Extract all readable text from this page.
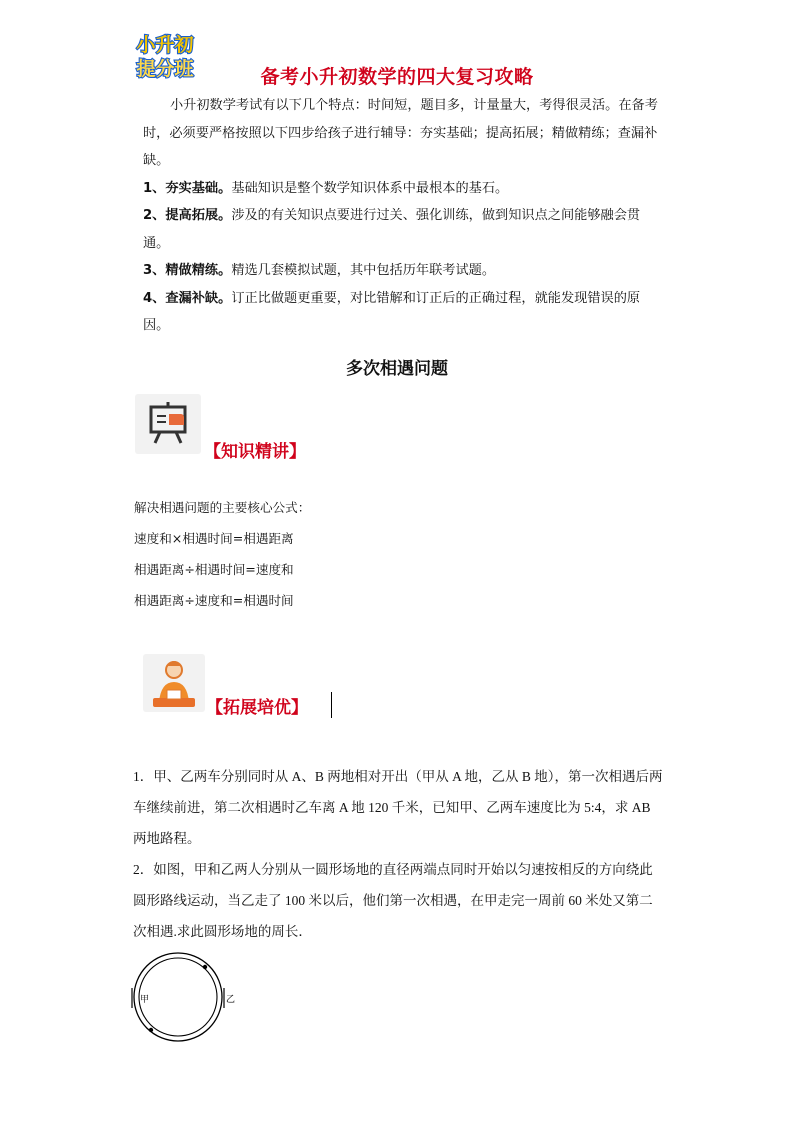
小升初
提分班	备考小升初数学的四大复习攻略

小升初数学考试有以下几个特点：时间短，题目多，计量量大，考得很灵活。在备考时，必须要严格按照以下四步给孩子进行辅导：夯实基础；提高拓展；精做精练；查漏补缺。

1、夯实基础。基础知识是整个数学知识体系中最根本的基石。

2、提高拓展。涉及的有关知识点要进行过关、强化训练，做到知识点之间能够融会贯通。

3、精做精练。精选几套模拟试题，其中包括历年联考试题。

4、查漏补缺。订正比做题更重要，对比错解和订正后的正确过程，就能发现错误的原因。

多次相遇问题
【知识精讲】
解决相遇问题的主要核心公式：
速度和×相遇时间=相遇距离
相遇距离÷相遇时间=速度和
相遇距离÷速度和=相遇时间
【拓展培优】

1．甲、乙两车分别同时从 A、B 两地相对开出（甲从 A 地，乙从 B 地），第一次相遇后两车继续前进，第二次相遇时乙车离 A 地 120 千米，已知甲、乙两车速度比为 5:4，求 AB 两地路程。

2．如图，甲和乙两人分别从一圆形场地的直径两端点同时开始以匀速按相反的方向绕此圆形路线运动，当乙走了 100 米以后，他们第一次相遇，在甲走完一周前 60 米处又第二次相遇.求此圆形场地的周长．

甲	乙
